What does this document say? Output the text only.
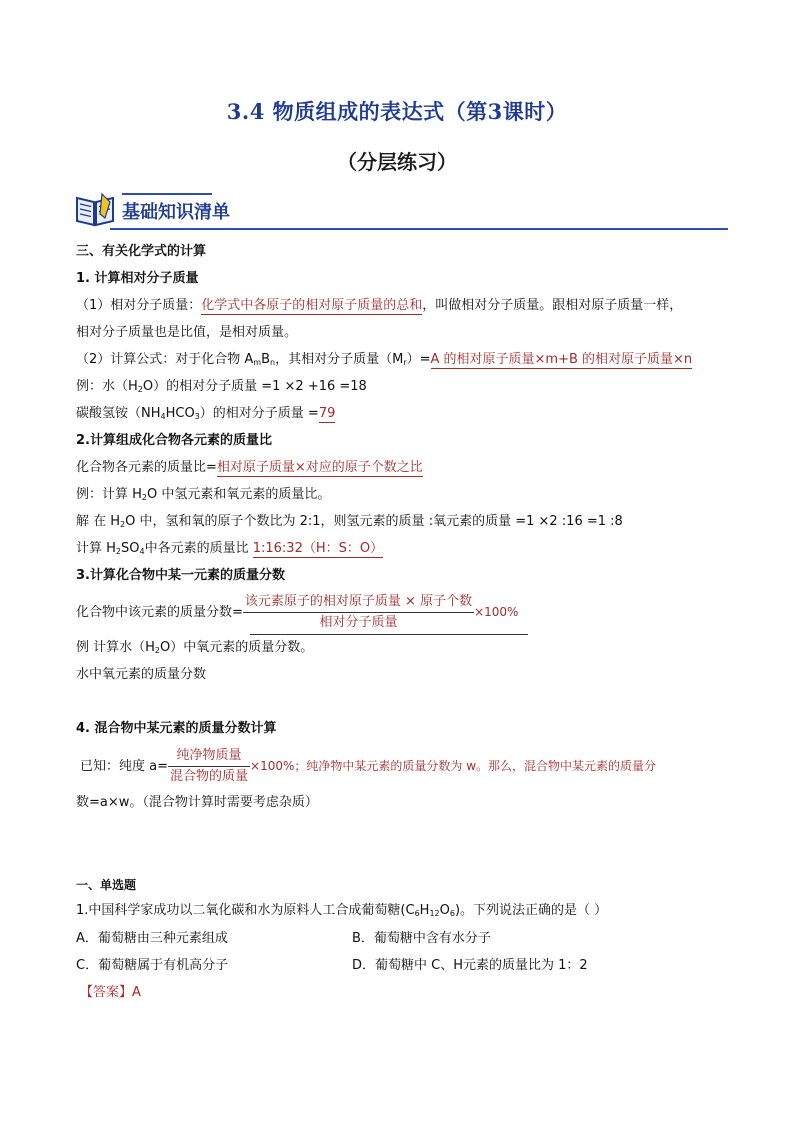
3.4 物质组成的表达式（第3课时）
（分层练习）
基础知识清单
三、有关化学式的计算
1. 计算相对分子质量
（1）相对分子质量：化学式中各原子的相对原子质量的总和，叫做相对分子质量。跟相对原子质量一样，
相对分子质量也是比值，是相对质量。
（2）计算公式：对于化合物 $A_mB_n$，其相对分子质量$(M_r)=A$ 的相对原子质量×m+B 的相对原子质量×n
例：水$(H_2O)$的相对分子质量 =1 ×2 +16 =18
碳酸氢铵$(NH_4HCO_3)$的相对分子质量 =79
2.计算组成化合物各元素的质量比
化合物各元素的质量比=相对原子质量×对应的原子个数之比
例：计算 $H_2O$ 中氢元素和氧元素的质量比。
解 在 $H_2O$ 中，氢和氧的原子个数比为 2:1，则氢元素的质量 :氧元素的质量 =1 ×2 :16 =1 :8
计算 $H_2SO_4$中各元素的质量比 1:16:32（H：S：O）
3.计算化合物中某一元素的质量分数
化合物中该元素的质量分数= $\frac{\text{该元素原子的相对原子质量 × 原子个数}}{\text{相对分子质量}} \times 100\%$
例 计算水$(H_2O)$中氧元素的质量分数。
水中氧元素的质量分数
4. 混合物中某元素的质量分数计算
已知：纯度 $a= \frac{\text{纯净物质量}}{\text{混合物的质量}} \times 100\%$；纯净物中某元素的质量分数为 w。那么，混合物中某元素的质量分
数=a×w。（混合物计算时需要考虑杂质）
一、单选题
1.中国科学家成功以二氧化碳和水为原料人工合成葡萄糖$(C_6H_{12}O_6)$。下列说法正确的是（ ）
A．葡萄糖由三种元素组成	B．葡萄糖中含有水分子
C．葡萄糖属于有机高分子	D．葡萄糖中 C、H元素的质量比为 1：2
【答案】A
